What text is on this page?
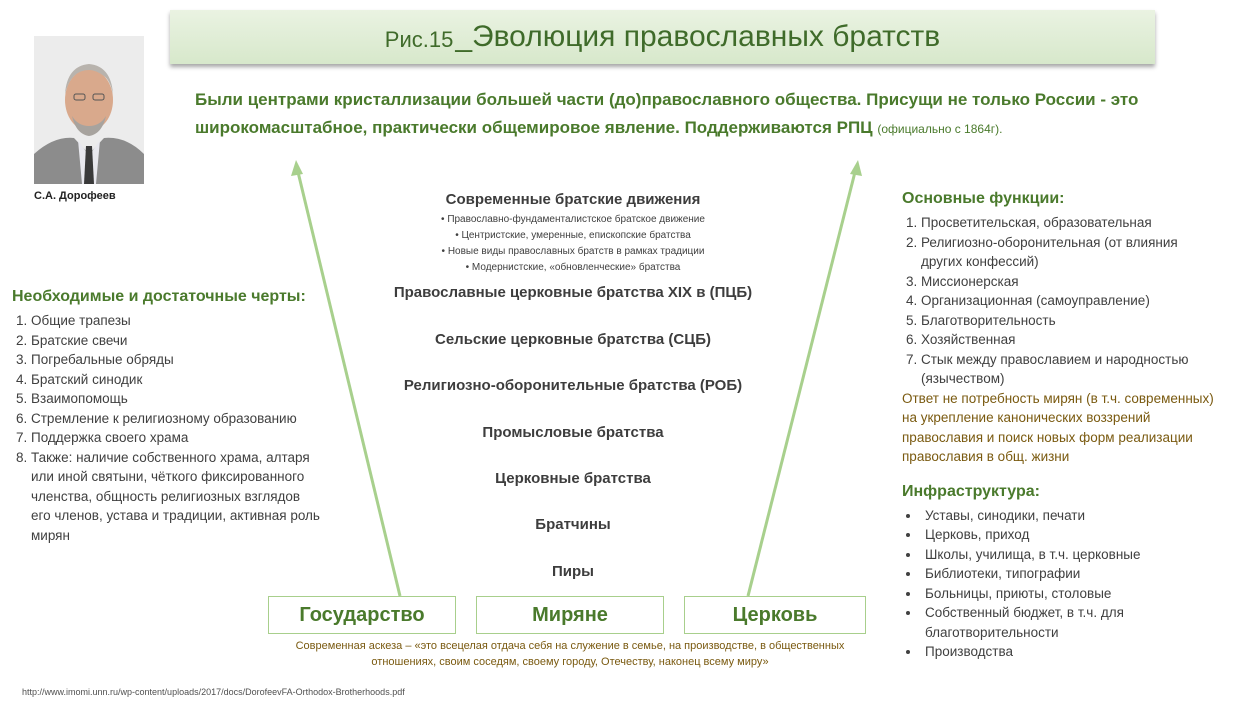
Рис.15 _Эволюция православных братств
С.А. Дорофеев

Были центрами кристаллизации большей части (до)православного общества. Присущи не только России - это широкомасштабное, практически общемировое явление. Поддерживаются РПЦ (официально с 1864г).

Необходимые и достаточные черты:
1. Общие трапезы
2. Братские свечи
3. Погребальные обряды
4. Братский синодик
5. Взаимопомощь
6. Стремление к религиозному образованию
7. Поддержка своего храма
8. Также: наличие собственного храма, алтаря или иной святыни, чёткого фиксированного членства, общность религиозных взглядов его членов, устава и традиции, активная роль мирян
Современные братские движения
• Православно-фундаменталистское братское движение
• Центристские, умеренные, епископские братства
• Новые виды православных братств в рамках традиции
• Модернистские, «обновленческие» братства
Православные церковные братства XIX в (ПЦБ)
Сельские церковные братства (СЦБ)
Религиозно-оборонительные братства (РОБ)
Промысловые братства
Церковные братства
Братчины
Пиры
Государство	Миряне	Церковь
Современная аскеза – «это всецелая отдача себя на служение в семье, на производстве, в общественных отношениях, своим соседям, своему городу, Отечеству, наконец всему миру»
Основные функции:
1. Просветительская, образовательная
2. Религиозно-оборонительная (от влияния других конфессий)
3. Миссионерская
4. Организационная (самоуправление)
5. Благотворительность
6. Хозяйственная
7. Стык между православием и народностью (язычеством)

Ответ не потребность мирян (в т.ч. современных) на укрепление канонических воззрений православия и поиск новых форм реализации православия в общ. жизни

Инфраструктура:
• Уставы, синодики, печати
• Церковь, приход
• Школы, училища, в т.ч. церковные
• Библиотеки, типографии
• Больницы, приюты, столовые
• Собственный бюджет, в т.ч. для благотворительности
• Производства
http://www.imomi.unn.ru/wp-content/uploads/2017/docs/DorofeevFA-Orthodox-Brotherhoods.pdf
